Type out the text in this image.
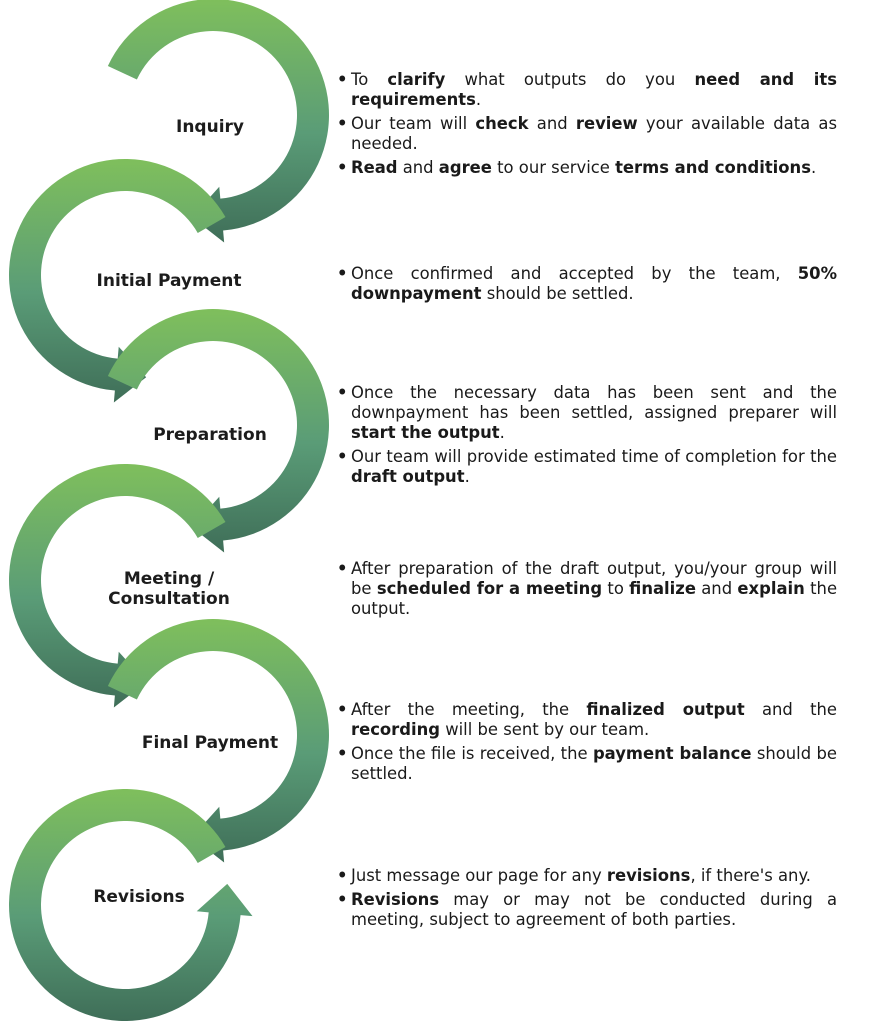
Inquiry
Initial Payment
Preparation
Meeting /
Consultation
Final Payment
Revisions
• To clarify what outputs do you need and its requirements.
• Our team will check and review your available data as needed.
• Read and agree to our service terms and conditions.
• Once confirmed and accepted by the team, 50% downpayment should be settled.
• Once the necessary data has been sent and the downpayment has been settled, assigned preparer will start the output.
• Our team will provide estimated time of completion for the draft output.
• After preparation of the draft output, you/your group will be scheduled for a meeting to finalize and explain the output.
• After the meeting, the finalized output and the recording will be sent by our team.
• Once the file is received, the payment balance should be settled.
• Just message our page for any revisions, if there's any.
• Revisions may or may not be conducted during a meeting, subject to agreement of both parties.
